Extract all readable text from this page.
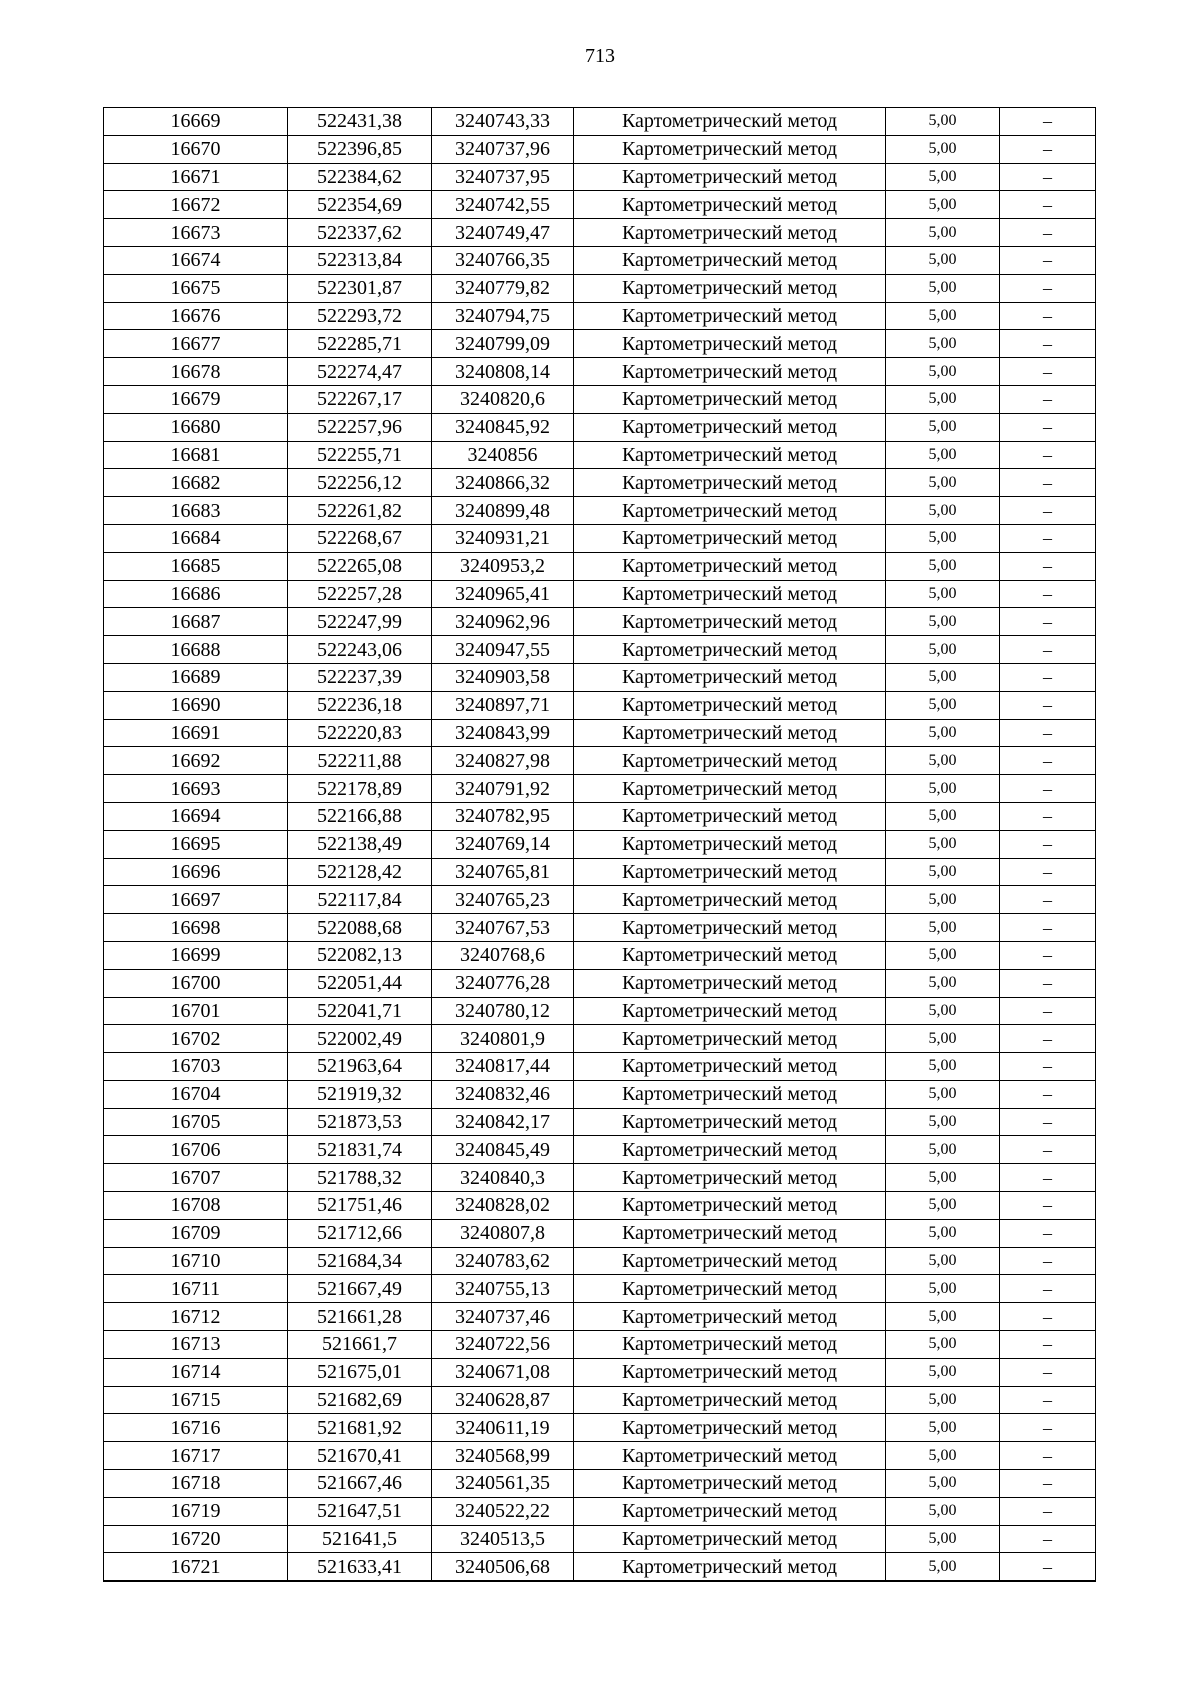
713
16669	522431,38	3240743,33	Картометрический метод	5,00	–
16670	522396,85	3240737,96	Картометрический метод	5,00	–
16671	522384,62	3240737,95	Картометрический метод	5,00	–
16672	522354,69	3240742,55	Картометрический метод	5,00	–
16673	522337,62	3240749,47	Картометрический метод	5,00	–
16674	522313,84	3240766,35	Картометрический метод	5,00	–
16675	522301,87	3240779,82	Картометрический метод	5,00	–
16676	522293,72	3240794,75	Картометрический метод	5,00	–
16677	522285,71	3240799,09	Картометрический метод	5,00	–
16678	522274,47	3240808,14	Картометрический метод	5,00	–
16679	522267,17	3240820,6	Картометрический метод	5,00	–
16680	522257,96	3240845,92	Картометрический метод	5,00	–
16681	522255,71	3240856	Картометрический метод	5,00	–
16682	522256,12	3240866,32	Картометрический метод	5,00	–
16683	522261,82	3240899,48	Картометрический метод	5,00	–
16684	522268,67	3240931,21	Картометрический метод	5,00	–
16685	522265,08	3240953,2	Картометрический метод	5,00	–
16686	522257,28	3240965,41	Картометрический метод	5,00	–
16687	522247,99	3240962,96	Картометрический метод	5,00	–
16688	522243,06	3240947,55	Картометрический метод	5,00	–
16689	522237,39	3240903,58	Картометрический метод	5,00	–
16690	522236,18	3240897,71	Картометрический метод	5,00	–
16691	522220,83	3240843,99	Картометрический метод	5,00	–
16692	522211,88	3240827,98	Картометрический метод	5,00	–
16693	522178,89	3240791,92	Картометрический метод	5,00	–
16694	522166,88	3240782,95	Картометрический метод	5,00	–
16695	522138,49	3240769,14	Картометрический метод	5,00	–
16696	522128,42	3240765,81	Картометрический метод	5,00	–
16697	522117,84	3240765,23	Картометрический метод	5,00	–
16698	522088,68	3240767,53	Картометрический метод	5,00	–
16699	522082,13	3240768,6	Картометрический метод	5,00	–
16700	522051,44	3240776,28	Картометрический метод	5,00	–
16701	522041,71	3240780,12	Картометрический метод	5,00	–
16702	522002,49	3240801,9	Картометрический метод	5,00	–
16703	521963,64	3240817,44	Картометрический метод	5,00	–
16704	521919,32	3240832,46	Картометрический метод	5,00	–
16705	521873,53	3240842,17	Картометрический метод	5,00	–
16706	521831,74	3240845,49	Картометрический метод	5,00	–
16707	521788,32	3240840,3	Картометрический метод	5,00	–
16708	521751,46	3240828,02	Картометрический метод	5,00	–
16709	521712,66	3240807,8	Картометрический метод	5,00	–
16710	521684,34	3240783,62	Картометрический метод	5,00	–
16711	521667,49	3240755,13	Картометрический метод	5,00	–
16712	521661,28	3240737,46	Картометрический метод	5,00	–
16713	521661,7	3240722,56	Картометрический метод	5,00	–
16714	521675,01	3240671,08	Картометрический метод	5,00	–
16715	521682,69	3240628,87	Картометрический метод	5,00	–
16716	521681,92	3240611,19	Картометрический метод	5,00	–
16717	521670,41	3240568,99	Картометрический метод	5,00	–
16718	521667,46	3240561,35	Картометрический метод	5,00	–
16719	521647,51	3240522,22	Картометрический метод	5,00	–
16720	521641,5	3240513,5	Картометрический метод	5,00	–
16721	521633,41	3240506,68	Картометрический метод	5,00	–
